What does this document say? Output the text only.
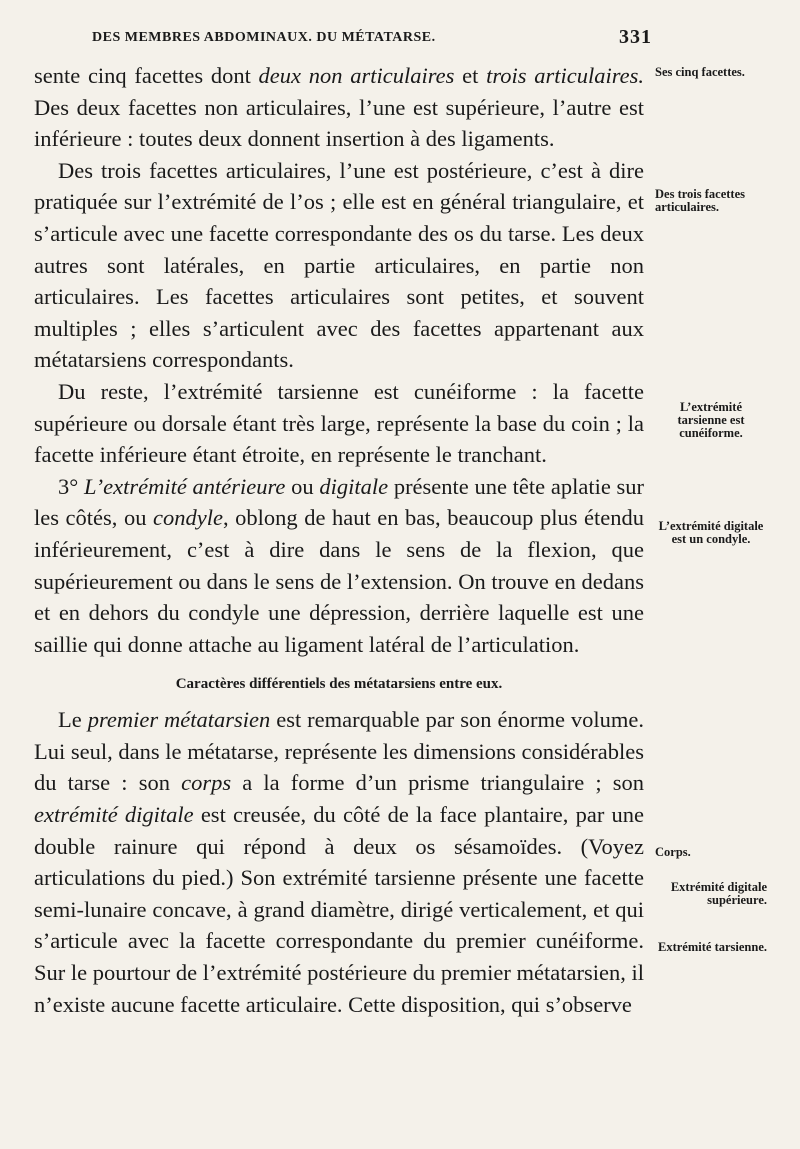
DES MEMBRES ABDOMINAUX. DU MÉTATARSE.	331

sente cinq facettes dont deux non articulaires et trois articulaires. Des deux facettes non articulaires, l’une est supérieure, l’autre est inférieure : toutes deux donnent insertion à des ligaments.

Des trois facettes articulaires, l’une est postérieure, c’est à dire pratiquée sur l’extrémité de l’os ; elle est en général triangulaire, et s’articule avec une facette correspondante des os du tarse. Les deux autres sont latérales, en partie articulaires, en partie non articulaires. Les facettes articulaires sont petites, et souvent multiples ; elles s’articulent avec des facettes appartenant aux métatarsiens correspondants.

Du reste, l’extrémité tarsienne est cunéiforme : la facette supérieure ou dorsale étant très large, représente la base du coin ; la facette inférieure étant étroite, en représente le tranchant.

3° L’extrémité antérieure ou digitale présente une tête aplatie sur les côtés, ou condyle, oblong de haut en bas, beaucoup plus étendu inférieurement, c’est à dire dans le sens de la flexion, que supérieurement ou dans le sens de l’extension. On trouve en dedans et en dehors du condyle une dépression, derrière laquelle est une saillie qui donne attache au ligament latéral de l’articulation.

Caractères différentiels des métatarsiens entre eux.

Le premier métatarsien est remarquable par son énorme volume. Lui seul, dans le métatarse, représente les dimensions considérables du tarse : son corps a la forme d’un prisme triangulaire ; son extrémité digitale est creusée, du côté de la face plantaire, par une double rainure qui répond à deux os sésamoïdes. (Voyez articulations du pied.) Son extrémité tarsienne présente une facette semi-lunaire concave, à grand diamètre, dirigé verticalement, et qui s’articule avec la facette correspondante du premier cunéiforme. Sur le pourtour de l’extrémité postérieure du premier métatarsien, il n’existe aucune facette articulaire. Cette disposition, qui s’observe

Ses cinq facettes.
Des trois facettes articulaires.
L’extrémité tarsienne est cunéiforme.
L’extrémité digitale est un condyle.
Corps.
Extrémité digitale supérieure.
Extrémité tarsienne.
